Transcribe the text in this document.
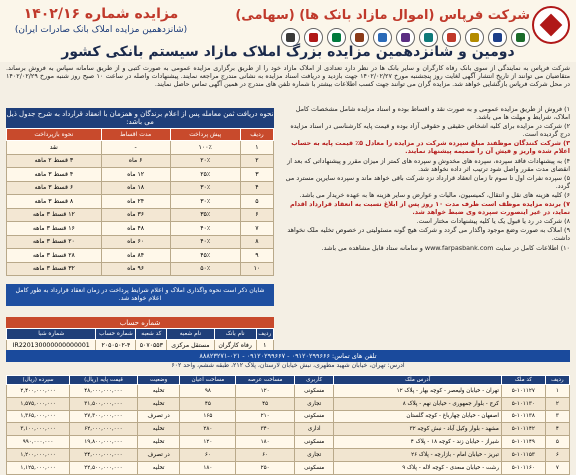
شرکت فرپاس (اموال مازاد بانک ها) (سهامی)
مزایده شماره ۱۴۰۲/۱۶
(شانزدهمین مزایده املاک بانک صادرات ایران)
دومین و شانزدهمین مزایده بزرگ املاک مازاد سیستم بانکی کشور
شرکت فرپاس به نمایندگی از سوی بانک رفاه کارگران و سایر بانک ها در نظر دارد تعدادی از املاک مازاد خود را از طریق برگزاری مزایده عمومی به صورت کتبی و از طریق سامانه سپاس به فروش برساند. متقاضیان می توانند از تاریخ انتشار آگهی لغایت روز پنجشنبه مورخ ۱۴۰۲/۰۲/۲۷ جهت بازدید و دریافت اسناد مزایده به نشانی مندرج مراجعه نمایند. پیشنهادات واصله در ساعت ۱۰ صبح روز شنبه مورخ ۱۴۰۲/۰۲/۲۹ در محل شرکت فرپاس بازگشایی خواهد شد. مزایده گران می توانند جهت کسب اطلاعات بیشتر با شماره تلفن های مندرج در همین آگهی تماس حاصل نمایند.

۱) فروش از طریق مزایده عمومی و به صورت نقد و اقساط بوده و اسناد مزایده شامل مشخصات کامل املاک، شرایط و مهلت ها می باشد.

۲) شرکت در مزایده برای کلیه اشخاص حقیقی و حقوقی آزاد بوده و قیمت پایه کارشناسی در اسناد مزایده درج گردیده است.

۳) شرکت کنندگان موظفند مبلغ سپرده شرکت در مزایده را معادل ۵٪ قیمت پایه به حساب اعلام شده واریز و فیش آن را ضمیمه پیشنهاد نمایند.

۴) به پیشنهادات فاقد سپرده، سپرده های مخدوش و سپرده های کمتر از میزان مقرر و پیشنهاداتی که بعد از انقضای مدت مقرر واصل شود ترتیب اثر داده نخواهد شد.

۵) سپرده نفرات اول تا سوم تا زمان انعقاد قرارداد نزد شرکت باقی خواهد ماند و سپرده سایرین مسترد می گردد.

۶) کلیه هزینه های نقل و انتقال، کمیسیون، مالیات و عوارض و سایر هزینه ها به عهده خریدار می باشد.

۷) برنده مزایده موظف است ظرف مدت ۱۰ روز پس از ابلاغ نسبت به انعقاد قرارداد اقدام نماید، در غیر اینصورت سپرده وی ضبط خواهد شد.

۸) شرکت در رد یا قبول یک یا کلیه پیشنهادات مختار است.

۹) املاک به صورت وضع موجود واگذار می گردد و شرکت هیچ گونه مسئولیتی در خصوص تخلیه ملک نخواهد داشت.

۱۰) اطلاعات کامل در سایت www.farpasbank.com و سامانه ستاد قابل مشاهده می باشد.

نحوه دریافت ثمن معامله پس از اعلام برندگان و همزمان با انعقاد قرارداد به شرح جدول ذیل می باشد:
ردیف	پیش پرداخت	مدت اقساط	نحوه بازپرداخت
۱	۱۰۰٪	-	نقد
۲	۲۰٪	۶ ماه	۳ قسط ۲ ماهه
۳	۲۵٪	۱۲ ماه	۴ قسط ۳ ماهه
۴	۳۰٪	۱۸ ماه	۶ قسط ۳ ماهه
۵	۳۰٪	۲۴ ماه	۸ قسط ۳ ماهه
۶	۳۵٪	۳۶ ماه	۱۲ قسط ۳ ماهه
۷	۴۰٪	۴۸ ماه	۱۶ قسط ۳ ماهه
۸	۴۰٪	۶۰ ماه	۲۰ قسط ۳ ماهه
۹	۴۵٪	۸۴ ماه	۲۸ قسط ۳ ماهه
۱۰	۵۰٪	۹۶ ماه	۳۲ قسط ۳ ماهه
شایان ذکر است نحوه واگذاری املاک و اعلام شرایط پرداخت در زمان انعقاد قرارداد به طور کامل اعلام خواهد شد.
شماره حساب
ردیف	نام بانک	نام شعبه	کد شعبه	شماره حساب	شماره شبا
۱	رفاه کارگران	مستقل مرکزی	۵۰۷۰۵۵۳	۲۰۵۰۵۰۲-۴	IR220130000000000001
تلفن های تماس: ۰۹۱۲۰۲۹۹۶۶۶ - ۰۹۱۲۰۲۹۹۶۶۷ - ۰۲۱-۸۸۸۲۳۲۷۱
آدرس: تهران، خیابان شهید مطهری، نبش خیابان لارستان، پلاک ۲۱۲، طبقه ششم، واحد ۶۰۲
ردیف	کد ملک	آدرس ملک	کاربری	مساحت عرصه	مساحت اعیان	وضعیت	قیمت پایه (ریال)	سپرده (ریال)
۱	۵-۱۰۱۱۲۷	تهران - خیابان ولیعصر - کوچه بهار - پلاک ۱۲	مسکونی	۱۲۰	۹۸	تخلیه	۴۸,۰۰۰,۰۰۰,۰۰۰	۲,۴۰۰,۰۰۰,۰۰۰
۲	۵-۱۰۱۱۳۰	کرج - بلوار جمهوری - خیابان نهم - پلاک ۸	تجاری	۴۵	۴۵	تخلیه	۳۱,۵۰۰,۰۰۰,۰۰۰	۱,۵۷۵,۰۰۰,۰۰۰
۳	۵-۱۰۱۱۳۸	اصفهان - خیابان چهارباغ - کوچه گلستان	مسکونی	۲۱۰	۱۶۵	در تصرف	۲۷,۳۰۰,۰۰۰,۰۰۰	۱,۳۶۵,۰۰۰,۰۰۰
۴	۵-۱۰۱۱۴۲	مشهد - بلوار وکیل آباد - نبش کوچه ۳۲	اداری	۳۴۰	۲۸۰	تخلیه	۶۲,۰۰۰,۰۰۰,۰۰۰	۳,۱۰۰,۰۰۰,۰۰۰
۵	۵-۱۰۱۱۴۹	شیراز - خیابان زند - کوچه ۱۸ - پلاک ۴	مسکونی	۱۸۰	۱۲۰	تخلیه	۱۹,۸۰۰,۰۰۰,۰۰۰	۹۹۰,۰۰۰,۰۰۰
۶	۵-۱۰۱۱۵۳	تبریز - خیابان امام - بازارچه - پلاک ۲۶	تجاری	۶۰	۶۰	در تصرف	۲۴,۰۰۰,۰۰۰,۰۰۰	۱,۲۰۰,۰۰۰,۰۰۰
۷	۵-۱۰۱۱۶۰	رشت - خیابان سعدی - کوچه لاله - پلاک ۹	مسکونی	۲۵۰	۱۸۰	تخلیه	۲۲,۵۰۰,۰۰۰,۰۰۰	۱,۱۲۵,۰۰۰,۰۰۰
